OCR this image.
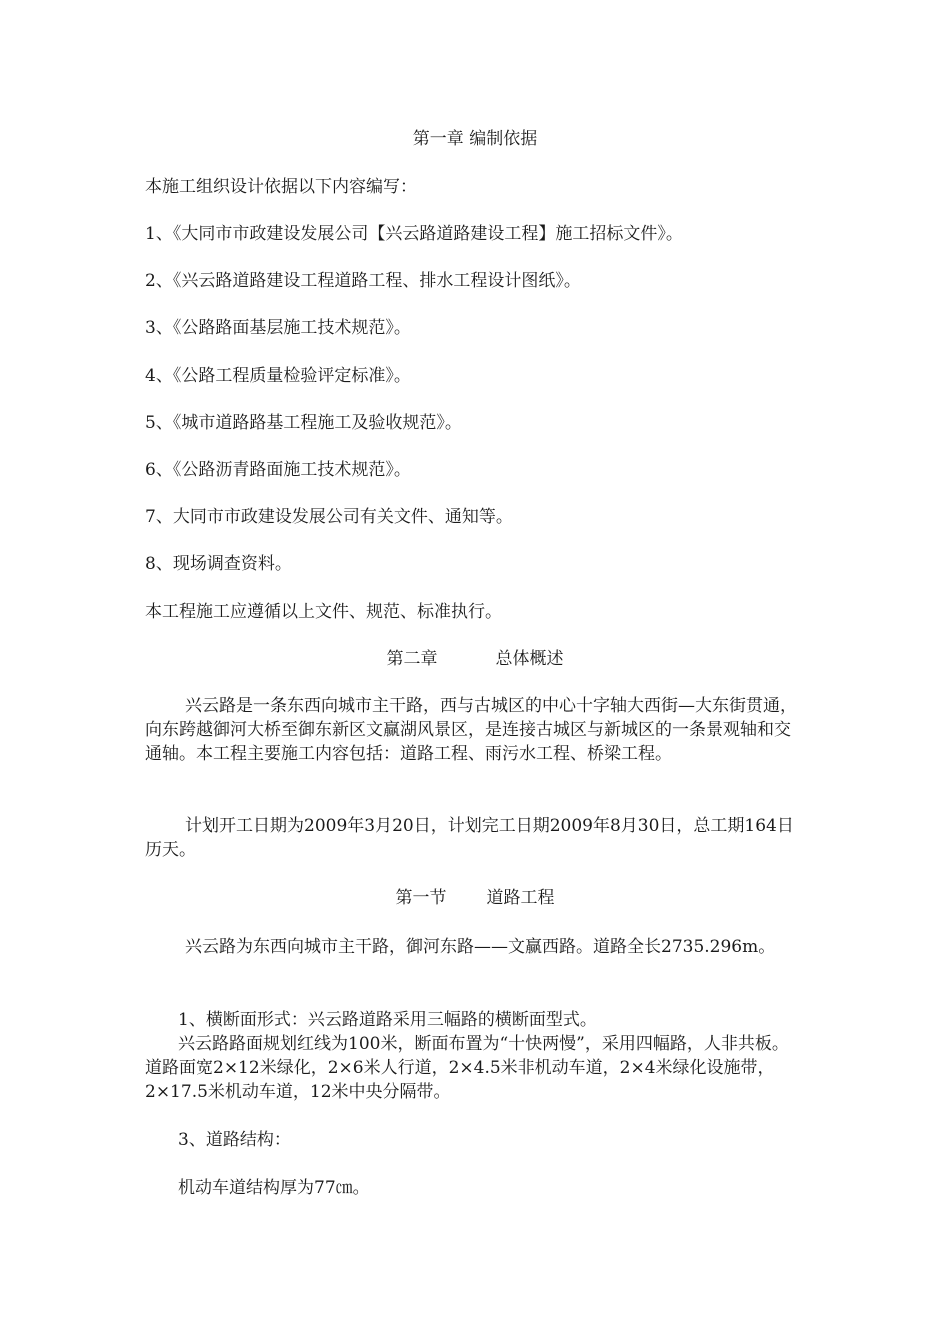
第一章 编制依据
本施工组织设计依据以下内容编写：
1、《大同市市政建设发展公司【兴云路道路建设工程】施工招标文件》。
2、《兴云路道路建设工程道路工程、排水工程设计图纸》。
3、《公路路面基层施工技术规范》。
4、《公路工程质量检验评定标准》。
5、《城市道路路基工程施工及验收规范》。
6、《公路沥青路面施工技术规范》。
7、大同市市政建设发展公司有关文件、通知等。
8、现场调查资料。
本工程施工应遵循以上文件、规范、标准执行。
第二章	总体概述
兴云路是一条东西向城市主干路，西与古城区的中心十字轴大西街—大东街贯通，向东跨越御河大桥至御东新区文赢湖风景区，是连接古城区与新城区的一条景观轴和交通轴。本工程主要施工内容包括：道路工程、雨污水工程、桥梁工程。
计划开工日期为2009年3月20日，计划完工日期2009年8月30日，总工期164日历天。
第一节 道路工程
兴云路为东西向城市主干路，御河东路——文赢西路。道路全长2735.296m。
1、横断面形式：兴云路道路采用三幅路的横断面型式。
兴云路路面规划红线为100米，断面布置为“十快两慢”，采用四幅路，人非共板。道路面宽2×12米绿化，2×6米人行道，2×4.5米非机动车道，2×4米绿化设施带，2×17.5米机动车道，12米中央分隔带。
3、道路结构：
机动车道结构厚为77㎝。
